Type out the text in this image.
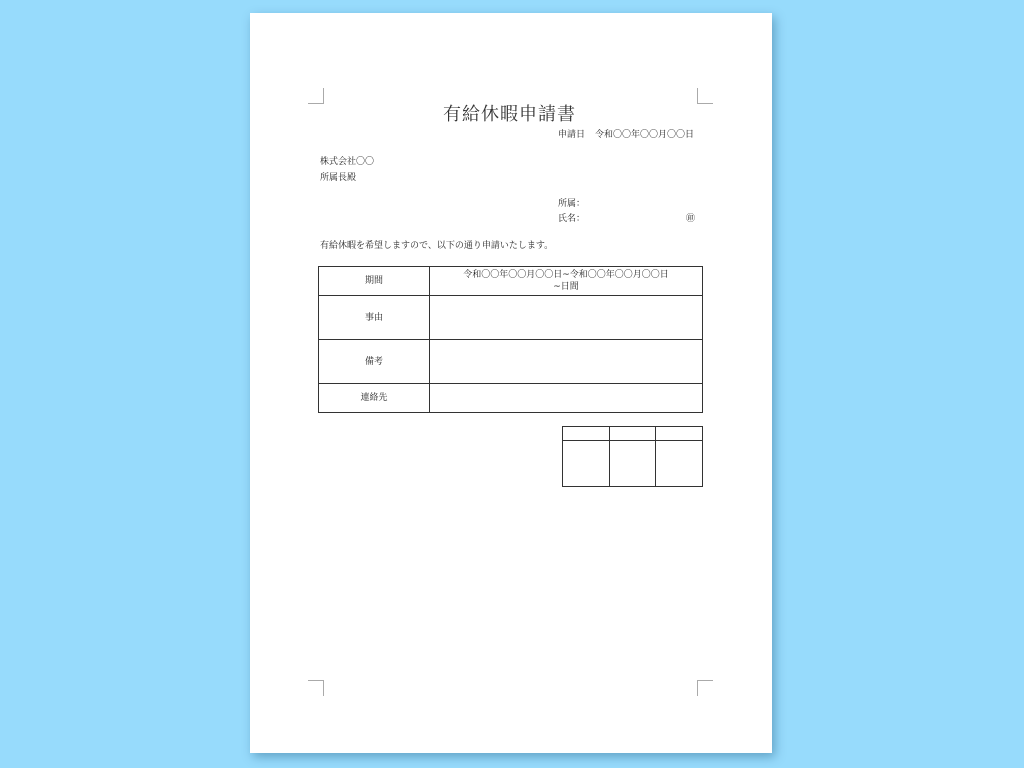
有給休暇申請書
申請日 令和〇〇年〇〇月〇〇日
株式会社〇〇
所属長殿
所属：
氏名：	㊞
有給休暇を希望しますので、以下の通り申請いたします。
期間	令和〇〇年〇〇月〇〇日~令和〇〇年〇〇月〇〇日
~日間

事由	
備考	
連絡先	
